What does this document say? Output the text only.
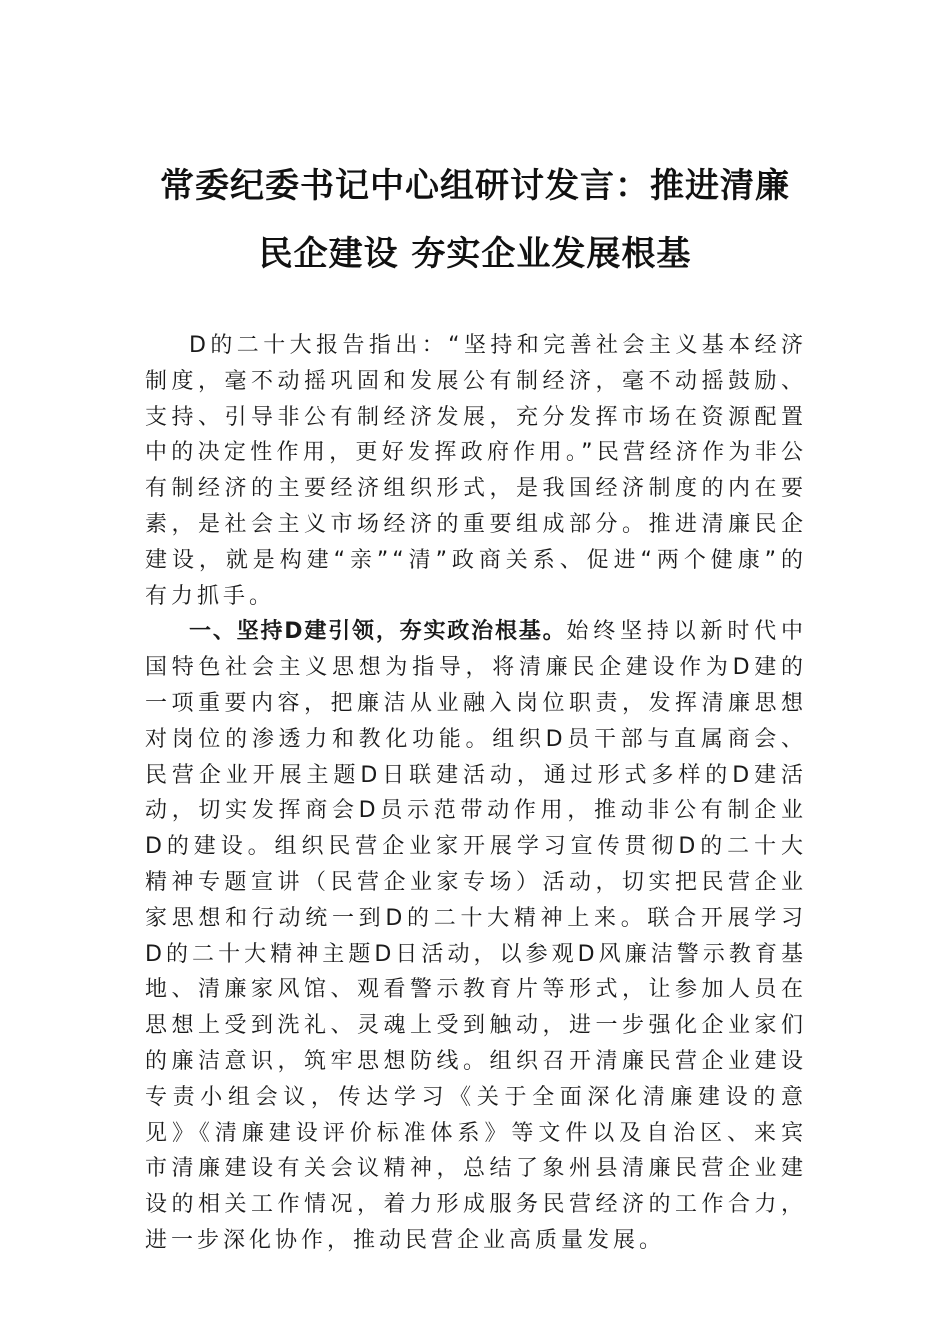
常委纪委书记中心组研讨发言：推进清廉
民企建设 夯实企业发展根基

D的二十大报告指出：“坚持和完善社会主义基本经济制度，毫不动摇巩固和发展公有制经济，毫不动摇鼓励、支持、引导非公有制经济发展，充分发挥市场在资源配置中的决定性作用，更好发挥政府作用。”民营经济作为非公有制经济的主要经济组织形式，是我国经济制度的内在要素，是社会主义市场经济的重要组成部分。推进清廉民企建设，就是构建“亲”“清”政商关系、促进“两个健康”的有力抓手。

一、坚持D建引领，夯实政治根基。始终坚持以新时代中国特色社会主义思想为指导，将清廉民企建设作为D建的一项重要内容，把廉洁从业融入岗位职责，发挥清廉思想对岗位的渗透力和教化功能。组织D员干部与直属商会、民营企业开展主题D日联建活动，通过形式多样的D建活动，切实发挥商会D员示范带动作用，推动非公有制企业D的建设。组织民营企业家开展学习宣传贯彻D的二十大精神专题宣讲（民营企业家专场）活动，切实把民营企业家思想和行动统一到D的二十大精神上来。联合开展学习D的二十大精神主题D日活动，以参观D风廉洁警示教育基地、清廉家风馆、观看警示教育片等形式，让参加人员在思想上受到洗礼、灵魂上受到触动，进一步强化企业家们的廉洁意识，筑牢思想防线。组织召开清廉民营企业建设专责小组会议，传达学习《关于全面深化清廉建设的意见》《清廉建设评价标准体系》等文件以及自治区、来宾市清廉建设有关会议精神，总结了象州县清廉民营企业建设的相关工作情况，着力形成服务民营经济的工作合力，进一步深化协作，推动民营企业高质量发展。
